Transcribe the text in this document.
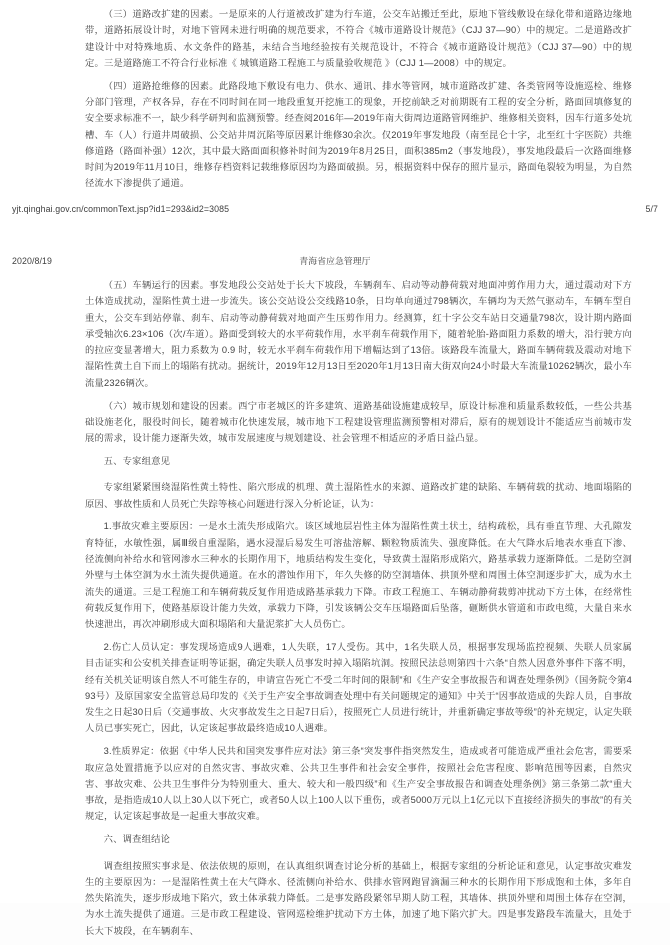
（三）道路改扩建的因素。一是原来的人行道被改扩建为行车道，公交车站搬迁至此，原地下管线敷设在绿化带和道路边缘地带，道路拓展设计时，对地下管网未进行明确的规范要求，不符合《城市道路设计规范》（CJJ 37—90）中的规定。二是道路改扩建设计中对特殊地质、水文条件的路基，未结合当地经验按有关规范设计，不符合《城市道路设计规范》（CJJ 37—90）中的规定。三是道路施工不符合行业标准《 城镇道路工程施工与质量验收规范 》（CJJ 1—2008）中的规定。

（四）道路抢维修的因素。此路段地下敷设有电力、供水、通讯、排水等管网，城市道路改扩建、各类管网等设施巡检、维修分部门管理，产权各异，存在不同时间在同一地段重复开挖施工的现象，开挖前缺乏对前期既有工程的安全分析，路面回填修复的安全要求标准不一，缺少科学研判和监测预警。经查阅2016年—2019年南大街周边道路管网维护、维修相关资料，因车行道多处坑槽、车（人）行道井周破损、公交站井周沉陷等原因累计维修30余次。仅2019年事发地段（南至昆仑十字，北至红十字医院）共维修道路（路面补强）12次，其中最大路面面积修补时间为2019年8月25日，面积385m2（事发地段），事发地段最后一次路面维修时间为2019年11月10日，维修存档资料记载维修原因均为路面破损。另，根据资料中保存的照片显示，路面龟裂较为明显，为自然径流水下渗提供了通道。

yjt.qinghai.gov.cn/commonText.jsp?id1=293&id2=3085	5/7
2020/8/19	青海省应急管理厅

（五）车辆运行的因素。事发地段公交站处于长大下坡段，车辆刹车、启动等动静荷载对地面冲剪作用力大，通过震动对下方土体造成扰动，湿陷性黄土进一步流失。该公交站设公交线路10条，日均单向通过798辆次，车辆均为天然气驱动车，车辆车型自重大，公交车到站停靠、刹车、启动等动静荷载对地面产生压剪作用力。经测算，红十字公交车站日交通量798次，设计期内路面承受轴次6.23×106（次/车道）。路面受到较大的水平荷载作用，水平刹车荷载作用下，随着轮胎-路面阻力系数的增大，沿行驶方向的拉应变显著增大，阻力系数为 0.9 时，较无水平刹车荷载作用下增幅达到了13倍。该路段车流量大，路面车辆荷载及震动对地下湿陷性黄土自下而上的塌陷有扰动。据统计，2019年12月13日至2020年1月13日南大街双向24小时最大车流量10262辆次，最小车流量2326辆次。

（六）城市规划和建设的因素。西宁市老城区的许多建筑、道路基础设施建成较早，原设计标准和质量系数较低，一些公共基础设施老化，服役时间长，随着城市化快速发展，城市地下工程建设管理监测预警相对滞后，原有的规划设计不能适应当前城市发展的需求，设计能力逐渐失效，城市发展速度与规划建设、社会管理不相适应的矛盾日益凸显。

五、专家组意见

专家组紧紧围绕湿陷性黄土特性、陷穴形成的机理、黄土湿陷性水的来源、道路改扩建的缺陷、车辆荷载的扰动、地面塌陷的原因、事故性质和人员死亡失踪等核心问题进行深入分析论证，认为：

1.事故灾难主要原因：一是水土流失形成陷穴。该区域地层岩性主体为湿陷性黄土状土，结构疏松，具有垂直节理、大孔隙发育特征，水敏性强，属Ⅲ级自重湿陷，遇水浸湿后易发生可溶盐溶解、颗粒物质流失、强度降低。在大气降水后地表水垂直下渗、径流侧向补给水和管网渗水三种水的长期作用下，地质结构发生变化，导致黄土湿陷形成陷穴，路基承载力逐渐降低。二是防空洞外壁与土体空洞为水土流失提供通道。在水的潜蚀作用下，年久失修的防空洞墙体、拱顶外壁和周围土体空洞逐步扩大，成为水土流失的通道。三是工程施工和车辆荷载反复作用造成路基承载力下降。市政工程施工、车辆动静荷载剪冲扰动下方土体，在经常性荷载反复作用下，使路基原设计能力失效，承载力下降，引发该辆公交车压塌路面后坠落，砸断供水管道和市政电缆，大量自来水快速泄出，再次冲刷形成大面积塌陷和大量泥浆扩大人员伤亡。

2.伤亡人员认定：事发现场造成9人遇难，1人失联，17人受伤。其中，1名失联人员，根据事发现场监控视频、失联人员家属目击证实和公安机关排查证明等证据，确定失联人员事发时掉入塌陷坑洞。按照民法总则第四十六条“自然人因意外事件下落不明，经有关机关证明该自然人不可能生存的，申请宣告死亡不受二年时间的限制”和《生产安全事故报告和调查处理条例》（国务院令第493号）及原国家安全监管总局印发的《关于生产安全事故调查处理中有关问题规定的通知》中关于“因事故造成的失踪人员，自事故发生之日起30日后（交通事故、火灾事故发生之日起7日后），按照死亡人员进行统计，并重新确定事故等级”的补充规定，认定失联人员已事实死亡，因此，认定该起事故最终造成10人遇难。

3.性质界定：依据《中华人民共和国突发事件应对法》第三条“突发事件指突然发生，造成或者可能造成严重社会危害，需要采取应急处置措施予以应对的自然灾害、事故灾难、公共卫生事件和社会安全事件，按照社会危害程度、影响范围等因素，自然灾害、事故灾难、公共卫生事件分为特别重大、重大、较大和一般四级”和《生产安全事故报告和调查处理条例》第三条第二款“重大事故，是指造成10人以上30人以下死亡，或者50人以上100人以下重伤，或者5000万元以上1亿元以下直接经济损失的事故”的有关规定，认定该起事故是一起重大事故灾难。

六、调查组结论

调查组按照实事求是、依法依规的原则，在认真组织调查讨论分析的基础上，根据专家组的分析论证和意见，认定事故灾难发生的主要原因为：一是湿陷性黄土在大气降水、径流侧向补给水、供排水管网跑冒滴漏三种水的长期作用下形成饱和土体，多年自然失陷流失，逐步形成地下陷穴，致土体承载力降低。二是事发路段紧邻早期人防工程，其墙体、拱顶外壁和周围土体存在空洞，为水土流失提供了通道。三是市政工程建设、管网巡检维护扰动下方土体，加速了地下陷穴扩大。四是事发路段车流量大，且处于长大下坡段，在车辆刹车、
